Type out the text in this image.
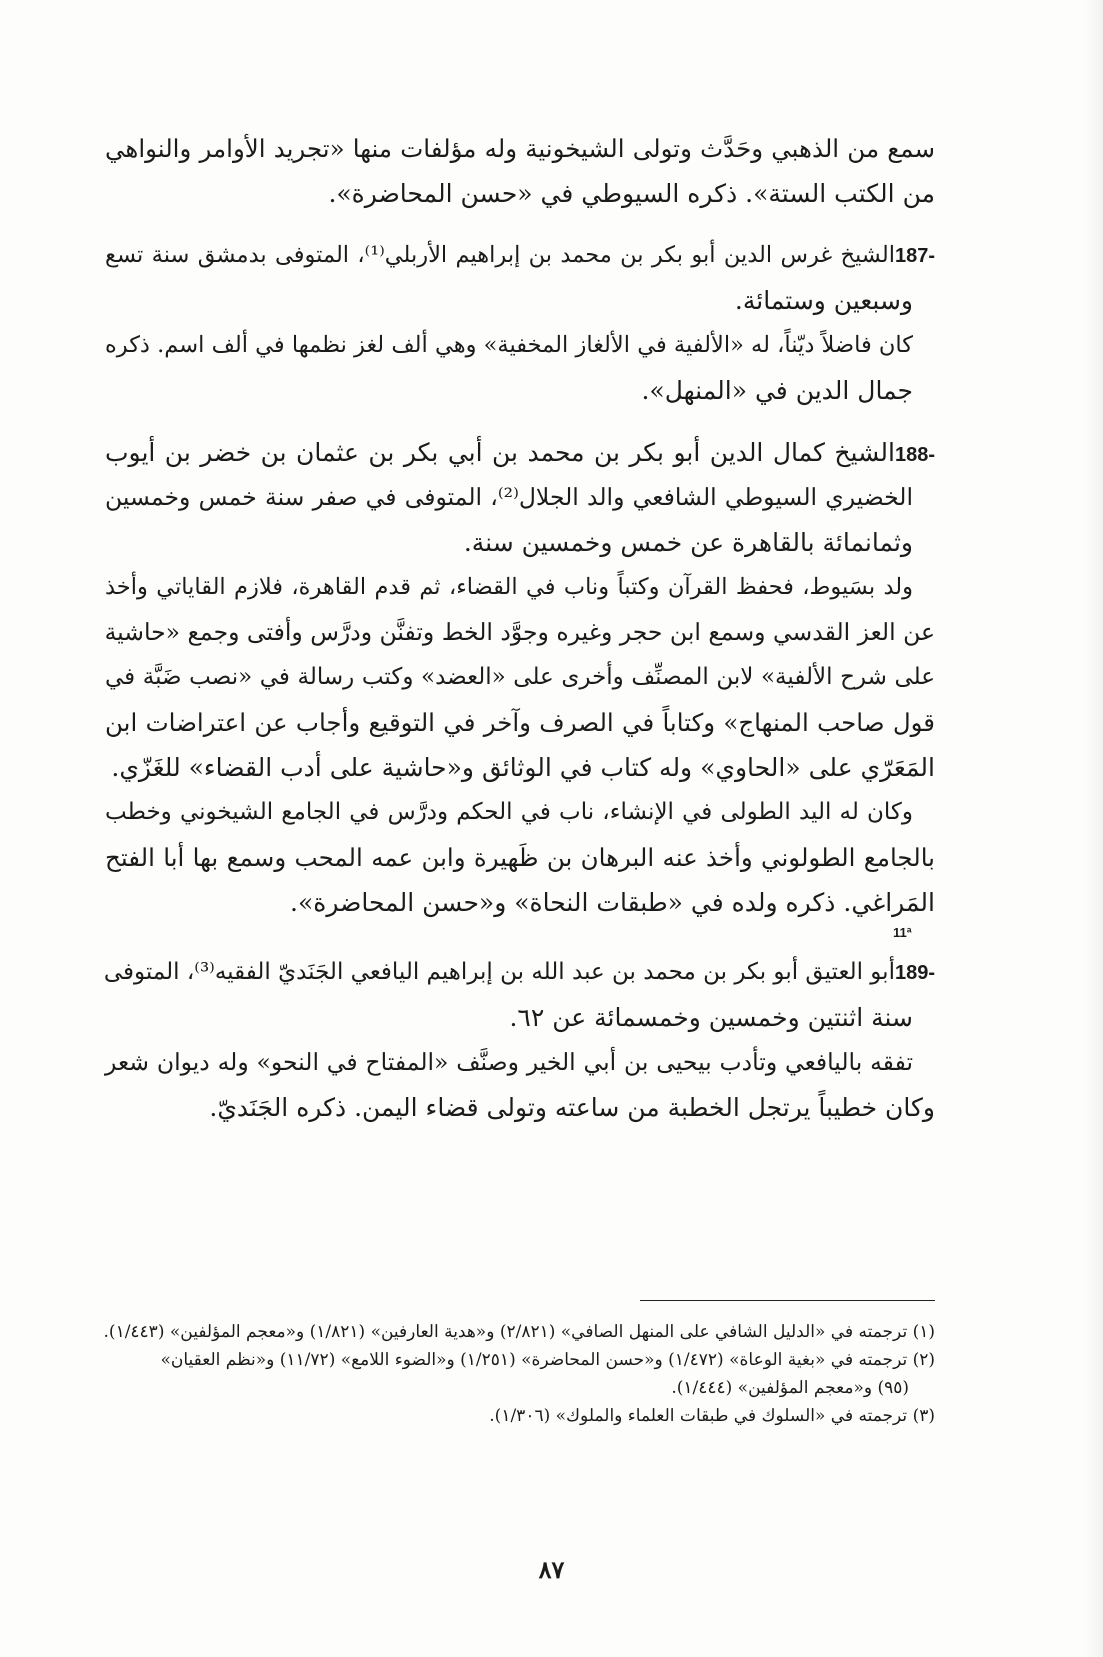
سمع من الذهبي وحَدَّث وتولى الشيخونية وله مؤلفات منها «تجريد الأوامر والنواهي
من الكتب الستة». ذكره السيوطي في «حسن المحاضرة».
187-الشيخ غرس الدين أبو بكر بن محمد بن إبراهيم الأربلي⁽¹⁾، المتوفى بدمشق سنة تسع
وسبعين وستمائة.
كان فاضلاً ديّناً، له «الألفية في الألغاز المخفية» وهي ألف لغز نظمها في ألف اسم. ذكره
جمال الدين في «المنهل».
188-الشيخ كمال الدين أبو بكر بن محمد بن أبي بكر بن عثمان بن خضر بن أيوب
الخضيري السيوطي الشافعي والد الجلال⁽²⁾، المتوفى في صفر سنة خمس وخمسين
وثمانمائة بالقاهرة عن خمس وخمسين سنة.
ولد بسَيوط، فحفظ القرآن وكتباً وناب في القضاء، ثم قدم القاهرة، فلازم القاياتي وأخذ
عن العز القدسي وسمع ابن حجر وغيره وجوَّد الخط وتفنَّن ودرَّس وأفتى وجمع «حاشية
على شرح الألفية» لابن المصنِّف وأخرى على «العضد» وكتب رسالة في «نصب ضَبَّة في
قول صاحب المنهاج» وكتاباً في الصرف وآخر في التوقيع وأجاب عن اعتراضات ابن
المَعَرّي على «الحاوي» وله كتاب في الوثائق و«حاشية على أدب القضاء» للغَزّي.
وكان له اليد الطولى في الإنشاء، ناب في الحكم ودرَّس في الجامع الشيخوني وخطب
بالجامع الطولوني وأخذ عنه البرهان بن ظَهيرة وابن عمه المحب وسمع بها أبا الفتح
المَراغي. ذكره ولده في «طبقات النحاة» و«حسن المحاضرة».
11ª
189-أبو العتيق أبو بكر بن محمد بن عبد الله بن إبراهيم اليافعي الجَنَديّ الفقيه⁽³⁾، المتوفى
سنة اثنتين وخمسين وخمسمائة عن ٦٢.
تفقه باليافعي وتأدب بيحيى بن أبي الخير وصنَّف «المفتاح في النحو» وله ديوان شعر
وكان خطيباً يرتجل الخطبة من ساعته وتولى قضاء اليمن. ذكره الجَنَديّ.
(١) ترجمته في «الدليل الشافي على المنهل الصافي» (٢/٨٢١) و«هدية العارفين» (١/٨٢١) و«معجم المؤلفين» (١/٤٤٣).
(٢) ترجمته في «بغية الوعاة» (١/٤٧٢) و«حسن المحاضرة» (١/٢٥١) و«الضوء اللامع» (١١/٧٢) و«نظم العقيان»
(٩٥) و«معجم المؤلفين» (١/٤٤٤).
(٣) ترجمته في «السلوك في طبقات العلماء والملوك» (١/٣٠٦).
٨٧
